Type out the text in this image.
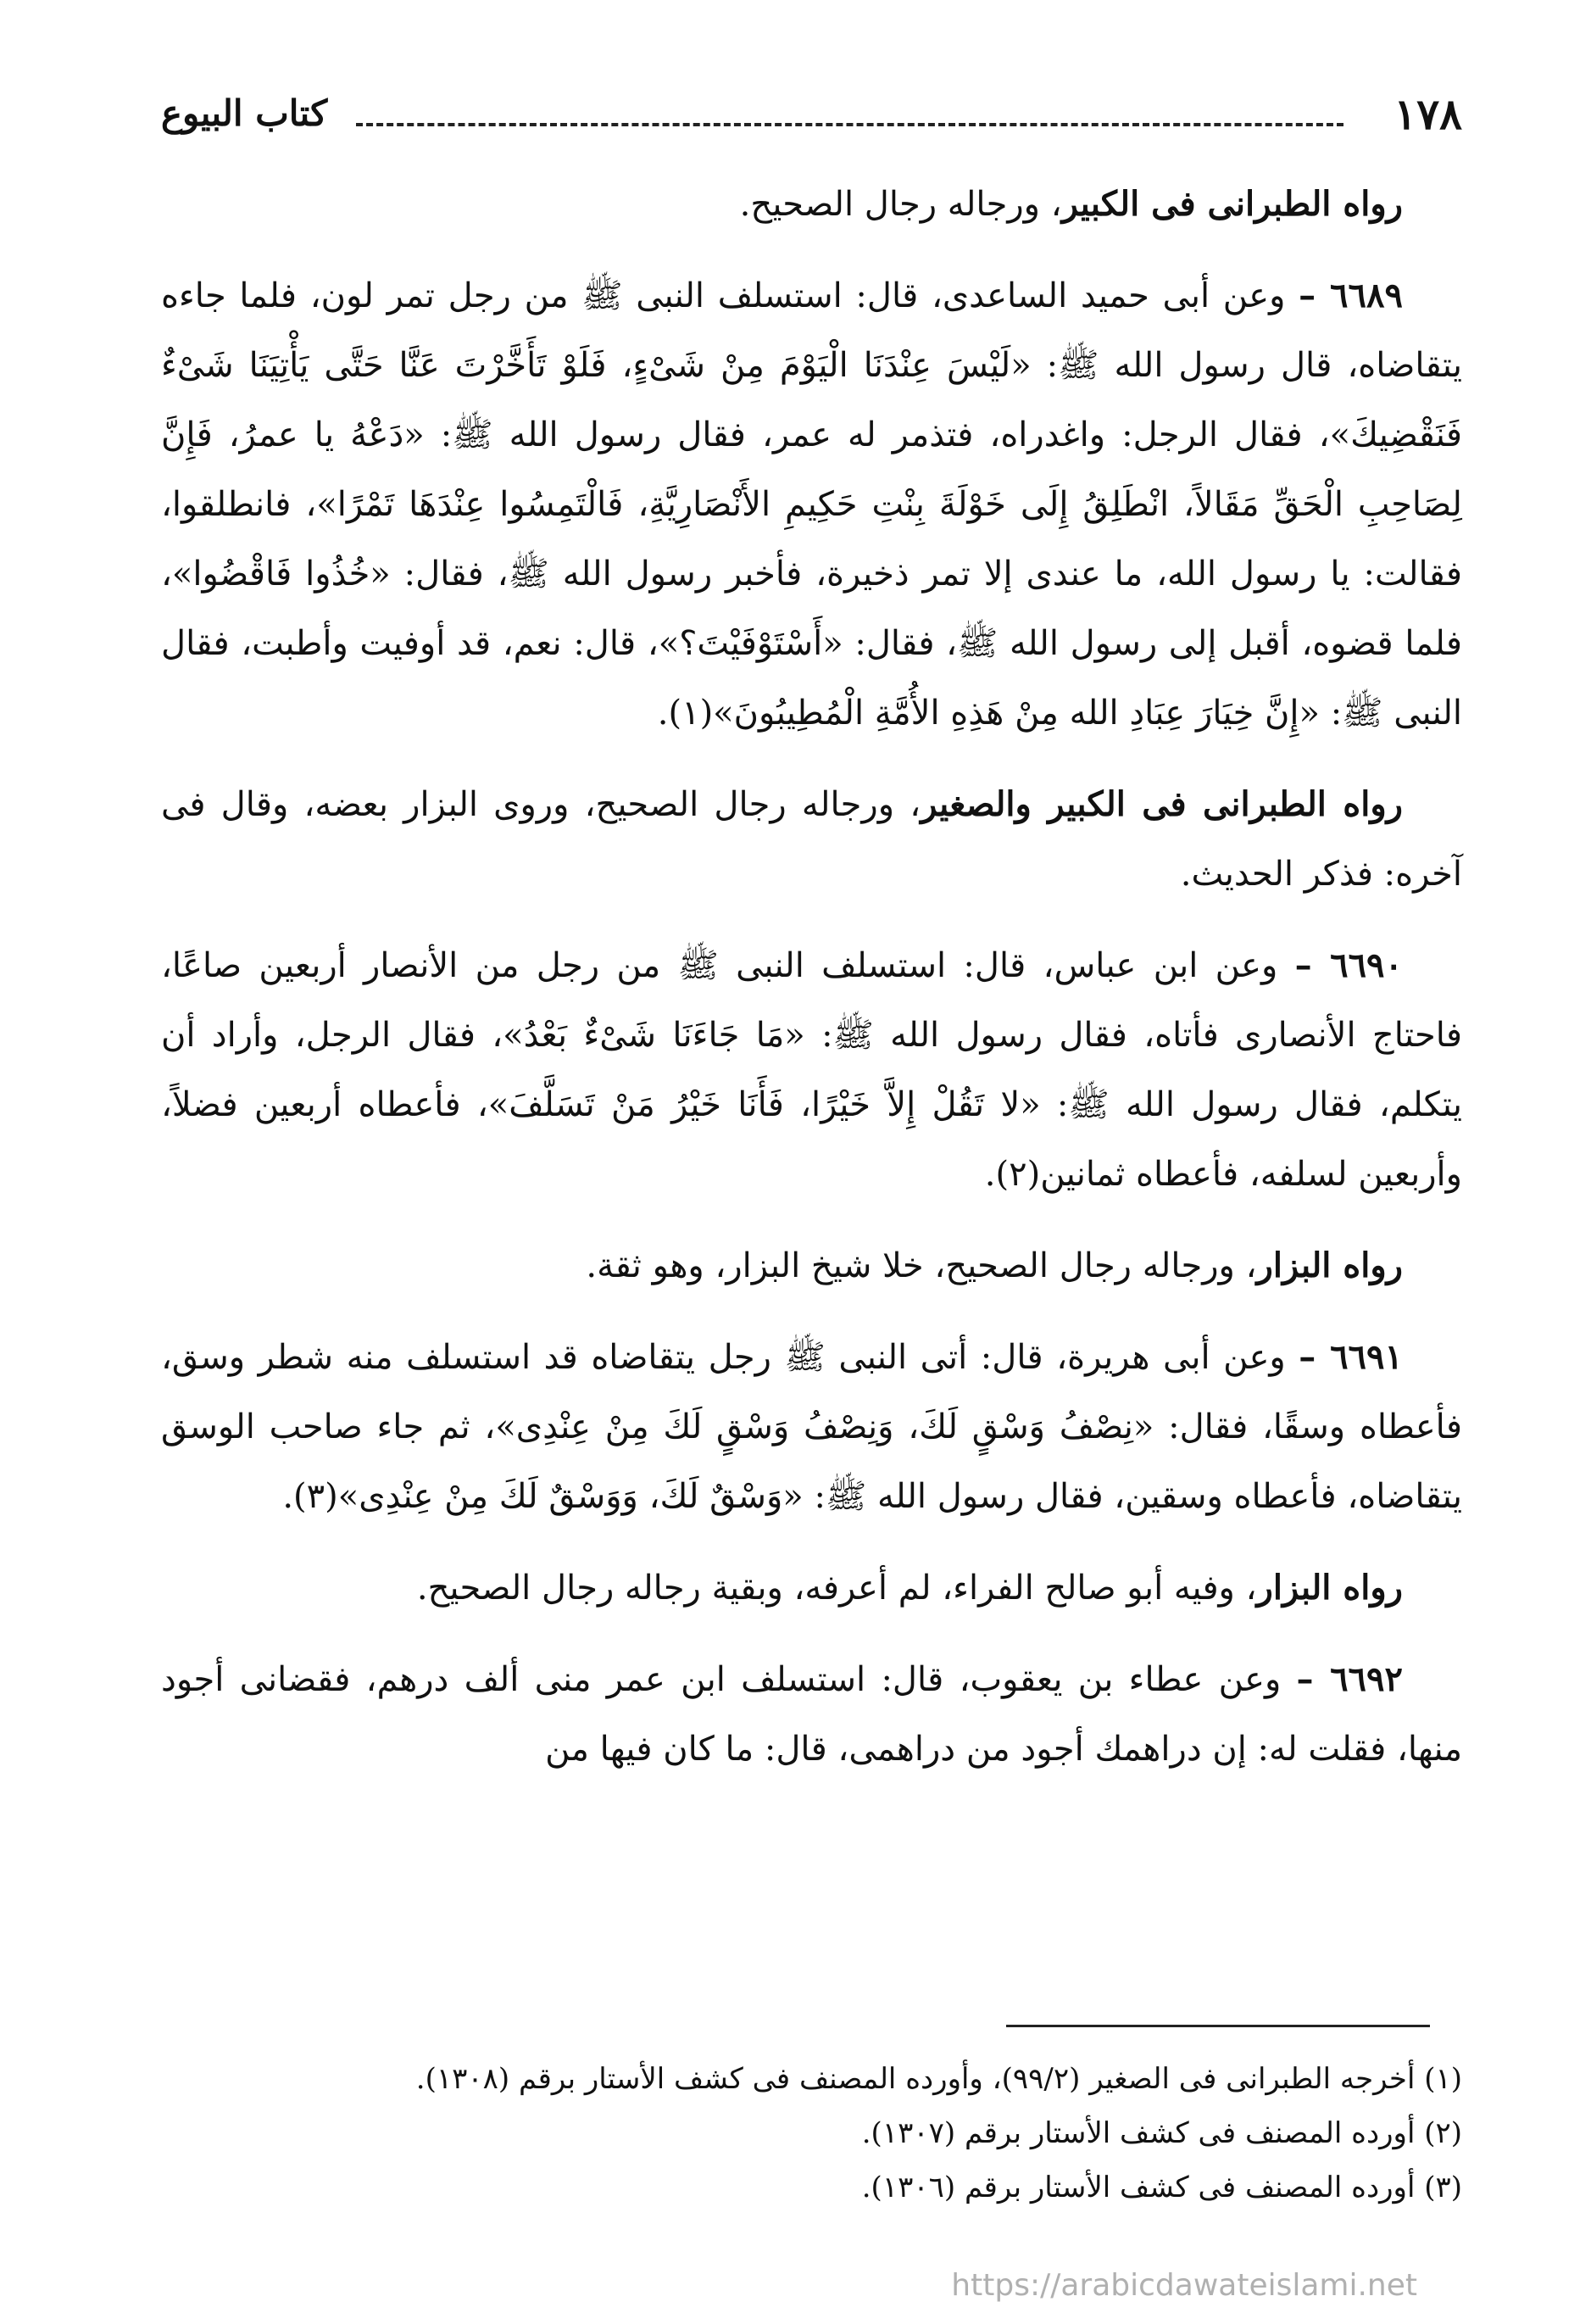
١٧٨
كتاب البيوع

رواه الطبرانى فى الكبير، ورجاله رجال الصحيح.

٦٦٨٩ – وعن أبى حميد الساعدى، قال: استسلف النبى ﷺ من رجل تمر لون، فلما جاءه يتقاضاه، قال رسول الله ﷺ: «لَيْسَ عِنْدَنَا الْيَوْمَ مِنْ شَىْءٍ، فَلَوْ تَأَخَّرْتَ عَنَّا حَتَّى يَأْتِيَنَا شَىْءٌ فَنَقْضِيكَ»، فقال الرجل: واغدراه، فتذمر له عمر، فقال رسول الله ﷺ: «دَعْهُ يا عمرُ، فَإِنَّ لِصَاحِبِ الْحَقِّ مَقَالاً، انْطَلِقُ إِلَى خَوْلَةَ بِنْتِ حَكِيمِ الأَنْصَارِيَّةِ، فَالْتَمِسُوا عِنْدَهَا تَمْرًا»، فانطلقوا، فقالت: يا رسول الله، ما عندى إلا تمر ذخيرة، فأخبر رسول الله ﷺ، فقال: «خُذُوا فَاقْضُوا»، فلما قضوه، أقبل إلى رسول الله ﷺ، فقال: «أَسْتَوْفَيْتَ؟»، قال: نعم، قد أوفيت وأطبت، فقال النبى ﷺ: «إِنَّ خِيَارَ عِبَادِ الله مِنْ هَذِهِ الأُمَّةِ الْمُطِيبُونَ»(١).

رواه الطبرانى فى الكبير والصغير، ورجاله رجال الصحيح، وروى البزار بعضه، وقال فى آخره: فذكر الحديث.

٦٦٩٠ – وعن ابن عباس، قال: استسلف النبى ﷺ من رجل من الأنصار أربعين صاعًا، فاحتاج الأنصارى فأتاه، فقال رسول الله ﷺ: «مَا جَاءَنَا شَىْءٌ بَعْدُ»، فقال الرجل، وأراد أن يتكلم، فقال رسول الله ﷺ: «لا تَقُلْ إِلاَّ خَيْرًا، فَأَنَا خَيْرُ مَنْ تَسَلَّفَ»، فأعطاه أربعين فضلاً، وأربعين لسلفه، فأعطاه ثمانين(٢).

رواه البزار، ورجاله رجال الصحيح، خلا شيخ البزار، وهو ثقة.

٦٦٩١ – وعن أبى هريرة، قال: أتى النبى ﷺ رجل يتقاضاه قد استسلف منه شطر وسق، فأعطاه وسقًا، فقال: «نِصْفُ وَسْقٍ لَكَ، وَنِصْفُ وَسْقٍ لَكَ مِنْ عِنْدِى»، ثم جاء صاحب الوسق يتقاضاه، فأعطاه وسقين، فقال رسول الله ﷺ: «وَسْقٌ لَكَ، وَوَسْقٌ لَكَ مِنْ عِنْدِى»(٣).

رواه البزار، وفيه أبو صالح الفراء، لم أعرفه، وبقية رجاله رجال الصحيح.

٦٦٩٢ – وعن عطاء بن يعقوب، قال: استسلف ابن عمر منى ألف درهم، فقضانى أجود منها، فقلت له: إن دراهمك أجود من دراهمى، قال: ما كان فيها من

(١) أخرجه الطبرانى فى الصغير (٩٩/٢)، وأورده المصنف فى كشف الأستار برقم (١٣٠٨).
(٢) أورده المصنف فى كشف الأستار برقم (١٣٠٧).
(٣) أورده المصنف فى كشف الأستار برقم (١٣٠٦).
https://arabicdawateislami.net
